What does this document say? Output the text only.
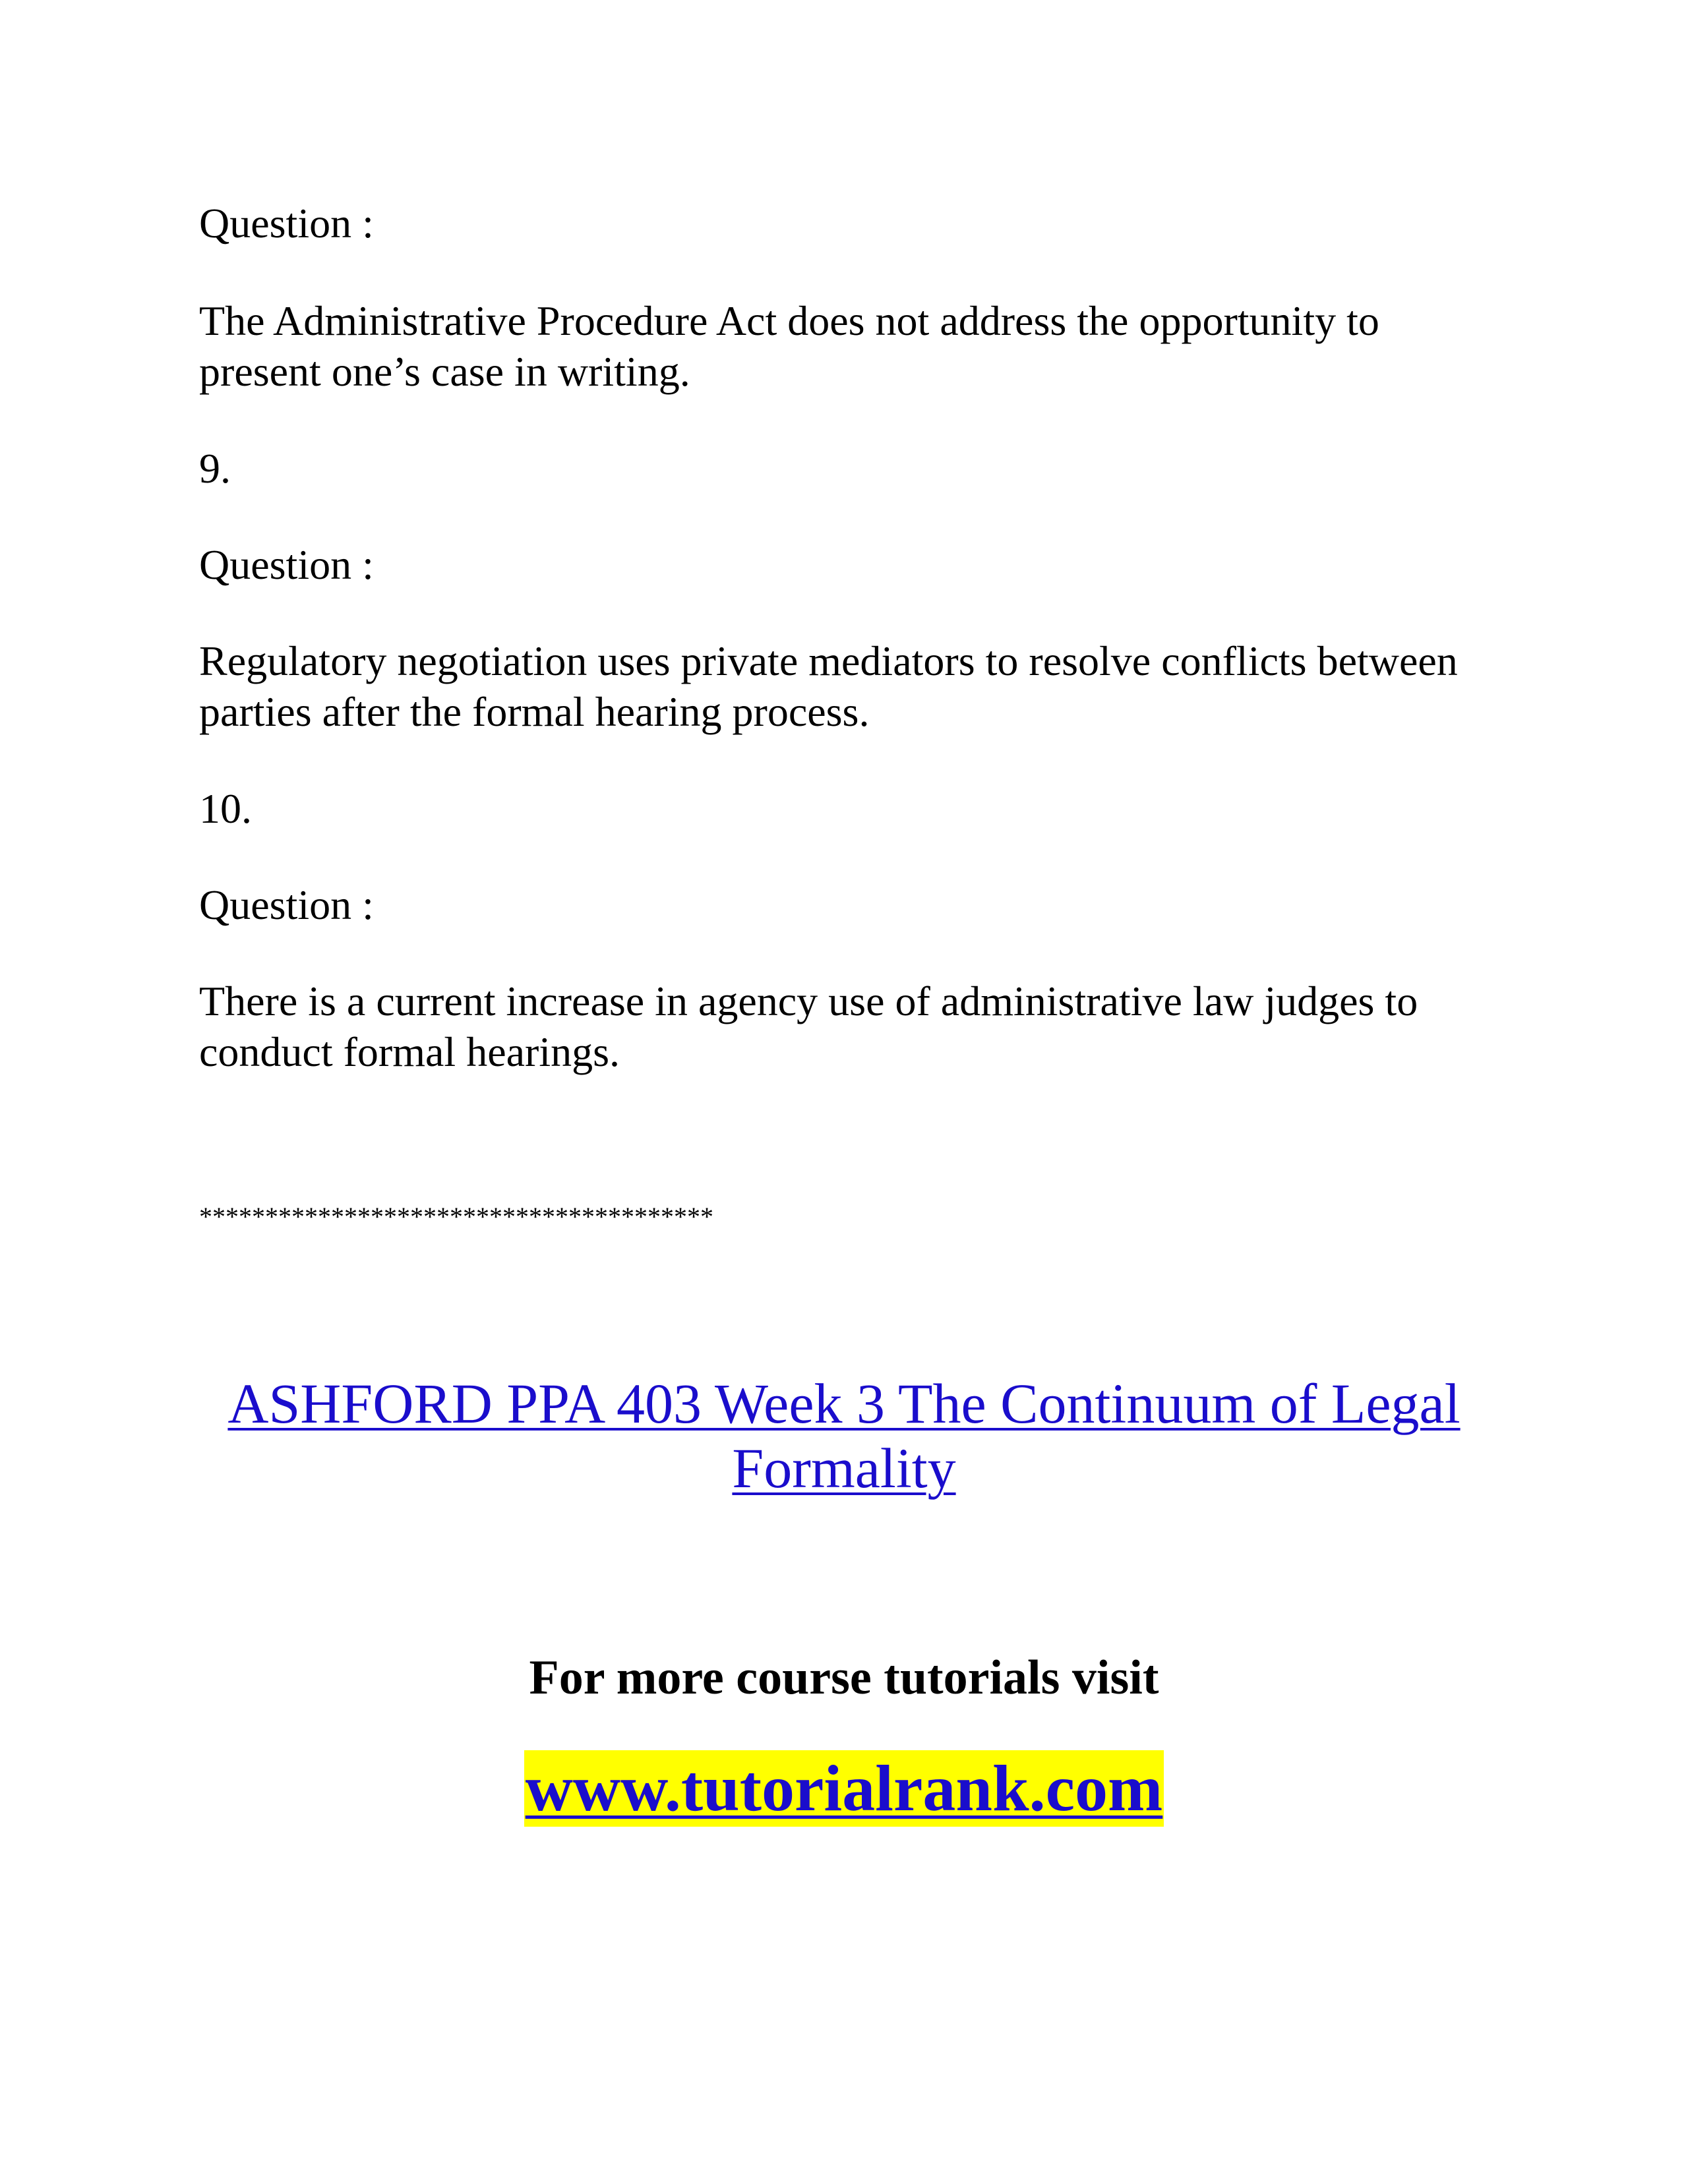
Question :

The Administrative Procedure Act does not address the opportunity to present one’s case in writing.

9.

Question :

Regulatory negotiation uses private mediators to resolve conflicts between parties after the formal hearing process.

10.

Question :

There is a current increase in agency use of administrative law judges to conduct formal hearings.

***************************************

ASHFORD PPA 403 Week 3 The Continuum of Legal Formality
For more course tutorials visit
www.tutorialrank.com
